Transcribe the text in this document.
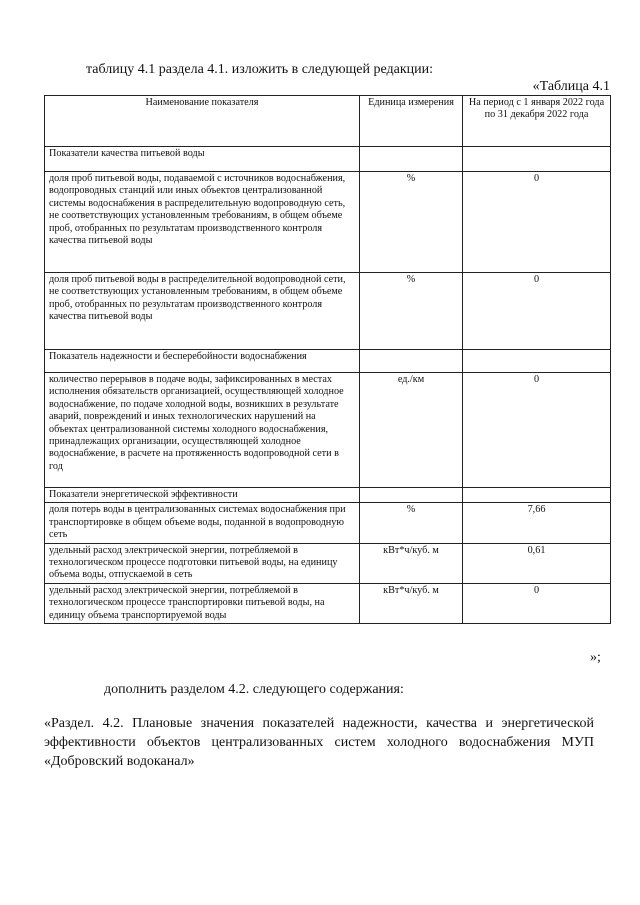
таблицу 4.1 раздела 4.1. изложить в следующей редакции:
«Таблица 4.1
Наименование показателя	Единица измерения	На период с 1 января 2022 года по 31 декабря 2022 года
Показатели качества питьевой воды		
доля проб питьевой воды, подаваемой с источников водоснабжения, водопроводных станций или иных объектов централизованной системы водоснабжения в распределительную водопроводную сеть, не соответствующих установленным требованиям, в общем объеме проб, отобранных по результатам производственного контроля качества питьевой воды	%	0
доля проб питьевой воды в распределительной водопроводной сети, не соответствующих установленным требованиям, в общем объеме проб, отобранных по результатам производственного контроля качества питьевой воды	%	0
Показатель надежности и бесперебойности водоснабжения		
количество перерывов в подаче воды, зафиксированных в местах исполнения обязательств организацией, осуществляющей холодное водоснабжение, по подаче холодной воды, возникших в результате аварий, повреждений и иных технологических нарушений на объектах централизованной системы холодного водоснабжения, принадлежащих организации, осуществляющей холодное водоснабжение, в расчете на протяженность водопроводной сети в год	ед./км	0
Показатели энергетической эффективности		
доля потерь воды в централизованных системах водоснабжения при транспортировке в общем объеме воды, поданной в водопроводную сеть	%	7,66
удельный расход электрической энергии, потребляемой в технологическом процессе подготовки питьевой воды, на единицу объема воды, отпускаемой в сеть	кВт*ч/куб. м	0,61
удельный расход электрической энергии, потребляемой в технологическом процессе транспортировки питьевой воды, на единицу объема транспортируемой воды	кВт*ч/куб. м	0
»;
дополнить разделом 4.2. следующего содержания:
«Раздел. 4.2. Плановые значения показателей надежности, качества и энергетической эффективности объектов централизованных систем холодного водоснабжения МУП «Добровский водоканал»
